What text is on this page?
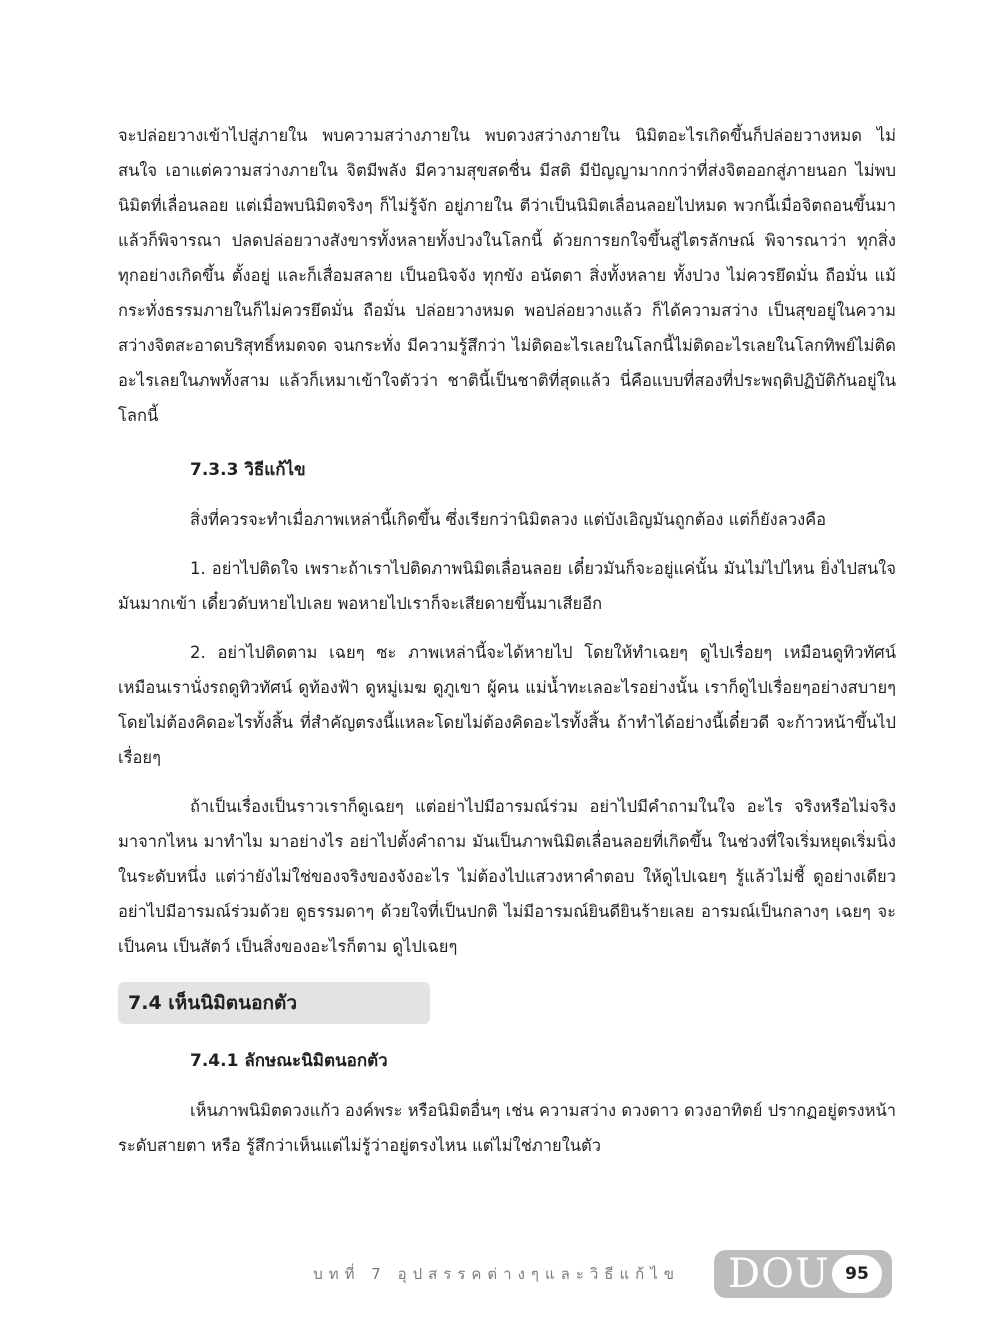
จะปล่อยวางเข้าไปสู่ภายใน พบความสว่างภายใน พบดวงสว่างภายใน นิมิตอะไรเกิดขึ้นก็ปล่อยวางหมด ไม่สนใจ เอาแต่ความสว่างภายใน จิตมีพลัง มีความสุขสดชื่น มีสติ มีปัญญามากกว่าที่ส่งจิตออกสู่ภายนอก ไม่พบนิมิตที่เลื่อนลอย แต่เมื่อพบนิมิตจริงๆ ก็ไม่รู้จัก อยู่ภายใน ตีว่าเป็นนิมิตเลื่อนลอยไปหมด พวกนี้เมื่อจิตถอนขึ้นมาแล้วก็พิจารณา ปลดปล่อยวางสังขารทั้งหลายทั้งปวงในโลกนี้ ด้วยการยกใจขึ้นสู่ไตรลักษณ์ พิจารณาว่า ทุกสิ่งทุกอย่างเกิดขึ้น ตั้งอยู่ และก็เสื่อมสลาย เป็นอนิจจัง ทุกขัง อนัตตา สิ่งทั้งหลาย ทั้งปวง ไม่ควรยึดมั่น ถือมั่น แม้กระทั่งธรรมภายในก็ไม่ควรยึดมั่น ถือมั่น ปล่อยวางหมด พอปล่อยวางแล้ว ก็ได้ความสว่าง เป็นสุขอยู่ในความสว่างจิตสะอาดบริสุทธิ์หมดจด จนกระทั่ง มีความรู้สึกว่า ไม่ติดอะไรเลยในโลกนี้ไม่ติดอะไรเลยในโลกทิพย์ไม่ติดอะไรเลยในภพทั้งสาม แล้วก็เหมาเข้าใจตัวว่า ชาตินี้เป็นชาติที่สุดแล้ว นี่คือแบบที่สองที่ประพฤติปฏิบัติกันอยู่ในโลกนี้

7.3.3 วิธีแก้ไข

สิ่งที่ควรจะทำเมื่อภาพเหล่านี้เกิดขึ้น ซึ่งเรียกว่านิมิตลวง แต่บังเอิญมันถูกต้อง แต่ก็ยังลวงคือ

1. อย่าไปติดใจ เพราะถ้าเราไปติดภาพนิมิตเลื่อนลอย เดี๋ยวมันก็จะอยู่แค่นั้น มันไม่ไปไหน ยิ่งไปสนใจมันมากเข้า เดี๋ยวดับหายไปเลย พอหายไปเราก็จะเสียดายขึ้นมาเสียอีก

2. อย่าไปติดตาม เฉยๆ ซะ ภาพเหล่านี้จะได้หายไป โดยให้ทำเฉยๆ ดูไปเรื่อยๆ เหมือนดูทิวทัศน์ เหมือนเรานั่งรถดูทิวทัศน์ ดูท้องฟ้า ดูหมู่เมฆ ดูภูเขา ผู้คน แม่น้ำทะเลอะไรอย่างนั้น เราก็ดูไปเรื่อยๆอย่างสบายๆ โดยไม่ต้องคิดอะไรทั้งสิ้น ที่สำคัญตรงนี้แหละโดยไม่ต้องคิดอะไรทั้งสิ้น ถ้าทำได้อย่างนี้เดี๋ยวดี จะก้าวหน้าขึ้นไปเรื่อยๆ

ถ้าเป็นเรื่องเป็นราวเราก็ดูเฉยๆ แต่อย่าไปมีอารมณ์ร่วม อย่าไปมีคำถามในใจ อะไร จริงหรือไม่จริง มาจากไหน มาทำไม มาอย่างไร อย่าไปตั้งคำถาม มันเป็นภาพนิมิตเลื่อนลอยที่เกิดขึ้น ในช่วงที่ใจเริ่มหยุดเริ่มนิ่งในระดับหนึ่ง แต่ว่ายังไม่ใช่ของจริงของจังอะไร ไม่ต้องไปแสวงหาคำตอบ ให้ดูไปเฉยๆ รู้แล้วไม่ชี้ ดูอย่างเดียว อย่าไปมีอารมณ์ร่วมด้วย ดูธรรมดาๆ ด้วยใจที่เป็นปกติ ไม่มีอารมณ์ยินดียินร้ายเลย อารมณ์เป็นกลางๆ เฉยๆ จะเป็นคน เป็นสัตว์ เป็นสิ่งของอะไรก็ตาม ดูไปเฉยๆ

7.4 เห็นนิมิตนอกตัว

7.4.1 ลักษณะนิมิตนอกตัว

เห็นภาพนิมิตดวงแก้ว องค์พระ หรือนิมิตอื่นๆ เช่น ความสว่าง ดวงดาว ดวงอาทิตย์ ปรากฏอยู่ตรงหน้าระดับสายตา หรือ รู้สึกว่าเห็นแต่ไม่รู้ว่าอยู่ตรงไหน แต่ไม่ใช่ภายในตัว

บทที่ 7 อุปสรรคต่างๆและวิธีแก้ไข DOU 95
